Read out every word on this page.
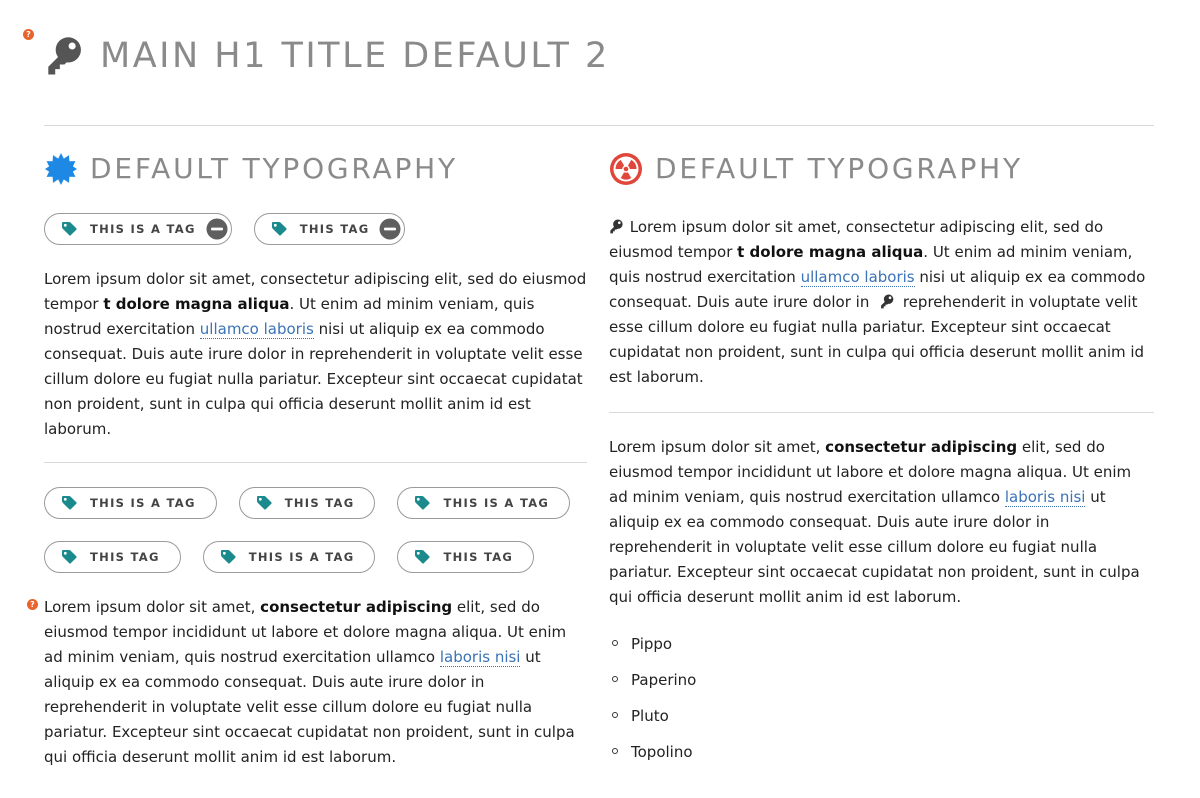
?
MAIN H1 TITLE DEFAULT 2
DEFAULT TYPOGRAPHY
THIS IS A TAG	THIS TAG

Lorem ipsum dolor sit amet, consectetur adipiscing elit, sed do eiusmod tempor t dolore magna aliqua. Ut enim ad minim veniam, quis nostrud exercitation ullamco laboris nisi ut aliquip ex ea commodo consequat. Duis aute irure dolor in reprehenderit in voluptate velit esse cillum dolore eu fugiat nulla pariatur. Excepteur sint occaecat cupidatat non proident, sunt in culpa qui officia deserunt mollit anim id est laborum.

THIS IS A TAG	THIS TAG	THIS IS A TAG
THIS TAG	THIS IS A TAG	THIS TAG

Lorem ipsum dolor sit amet, consectetur adipiscing elit, sed do eiusmod tempor incididunt ut labore et dolore magna aliqua. Ut enim ad minim veniam, quis nostrud exercitation ullamco laboris nisi ut aliquip ex ea commodo consequat. Duis aute irure dolor in reprehenderit in voluptate velit esse cillum dolore eu fugiat nulla pariatur. Excepteur sint occaecat cupidatat non proident, sunt in culpa qui officia deserunt mollit anim id est laborum.

?
DEFAULT TYPOGRAPHY

Lorem ipsum dolor sit amet, consectetur adipiscing elit, sed do eiusmod tempor t dolore magna aliqua. Ut enim ad minim veniam, quis nostrud exercitation ullamco laboris nisi ut aliquip ex ea commodo consequat. Duis aute irure dolor in  reprehenderit in voluptate velit esse cillum dolore eu fugiat nulla pariatur. Excepteur sint occaecat cupidatat non proident, sunt in culpa qui officia deserunt mollit anim id est laborum.

Lorem ipsum dolor sit amet, consectetur adipiscing elit, sed do eiusmod tempor incididunt ut labore et dolore magna aliqua. Ut enim ad minim veniam, quis nostrud exercitation ullamco laboris nisi ut aliquip ex ea commodo consequat. Duis aute irure dolor in reprehenderit in voluptate velit esse cillum dolore eu fugiat nulla pariatur. Excepteur sint occaecat cupidatat non proident, sunt in culpa qui officia deserunt mollit anim id est laborum.

Pippo
Paperino
Pluto
Topolino
